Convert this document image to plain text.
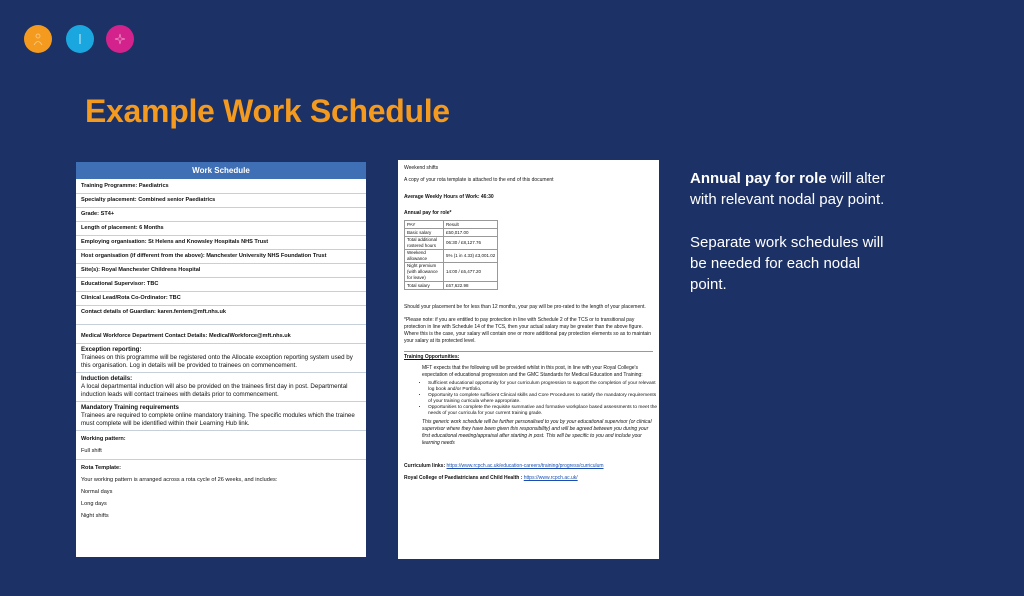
Example Work Schedule
Work Schedule
Training Programme: Paediatrics
Specialty placement: Combined senior Paediatrics
Grade: ST4+
Length of placement: 6 Months
Employing organisation: St Helens and Knowsley Hospitals NHS Trust
Host organisation (if different from the above): Manchester University NHS Foundation Trust
Site(s): Royal Manchester Childrens Hospital
Educational Supervisor: TBC
Clinical Lead/Rota Co-Ordinator: TBC
Contact details of Guardian: karen.fentem@mft.nhs.uk
Medical Workforce Department Contact Details: MedicalWorkforce@mft.nhs.uk
Exception reporting:
Trainees on this programme will be registered onto the Allocate exception reporting system used by this organisation. Log in details will be provided to trainees on commencement.
Induction details:
A local departmental induction will also be provided on the trainees first day in post. Departmental induction leads will contact trainees with details prior to commencement.
Mandatory Training requirements
Trainees are required to complete online mandatory training. The specific modules which the trainee must complete will be identified within their Learning Hub link.
Working pattern:
Full shift
Rota Template:
Your working pattern is arranged across a rota cycle of 26 weeks, and includes:
Normal days
Long days
Night shifts

Weekend shifts

A copy of your rota template is attached to the end of this document

Average Weekly Hours of Work: 46:30

Annual pay for role*

PAY	Result
Basic salary	£50,017.00
Total additional rostered hours	06:30 / £8,127.76
Weekend allowance	5% (1 in 4.33) £3,001.02
Night premium (with allowance for leave)	14:00 / £6,477.20
Total salary	£67,622.98

Should your placement be for less than 12 months, your pay will be pro-rated to the length of your placement.

*Please note: if you are entitled to pay protection in line with Schedule 2 of the TCS or to transitional pay protection in line with Schedule 14 of the TCS, then your actual salary may be greater than the above figure. Where this is the case, your salary will contain one or more additional pay protection elements so as to maintain your salary at its protected level.

Training Opportunities:

MFT expects that the following will be provided whilst in this post, in line with your Royal College's expectation of educational progression and the GMC Standards for Medical Education and Training:

• Sufficient educational opportunity for your curriculum progression to support the completion of your relevant log book and/or Portfolio.
• Opportunity to complete sufficient Clinical skills and Core Procedures to satisfy the mandatory requirements of your training curricula where appropriate.
• Opportunities to complete the requisite summative and formative workplace based assessments to meet the needs of your curricula for your current training grade.

This generic work schedule will be further personalised to you by your educational supervisor (or clinical supervisor where they have been given this responsibility) and will be agreed between you during your first educational meeting/appraisal after starting in post. This will be specific to you and include your learning needs

Curriculum links: https://www.rcpch.ac.uk/education-careers/training/progress/curriculum

Royal College of Paediatricians and Child Health : https://www.rcpch.ac.uk/

Annual pay for role will alter with relevant nodal pay point.

Separate work schedules will be needed for each nodal point.
